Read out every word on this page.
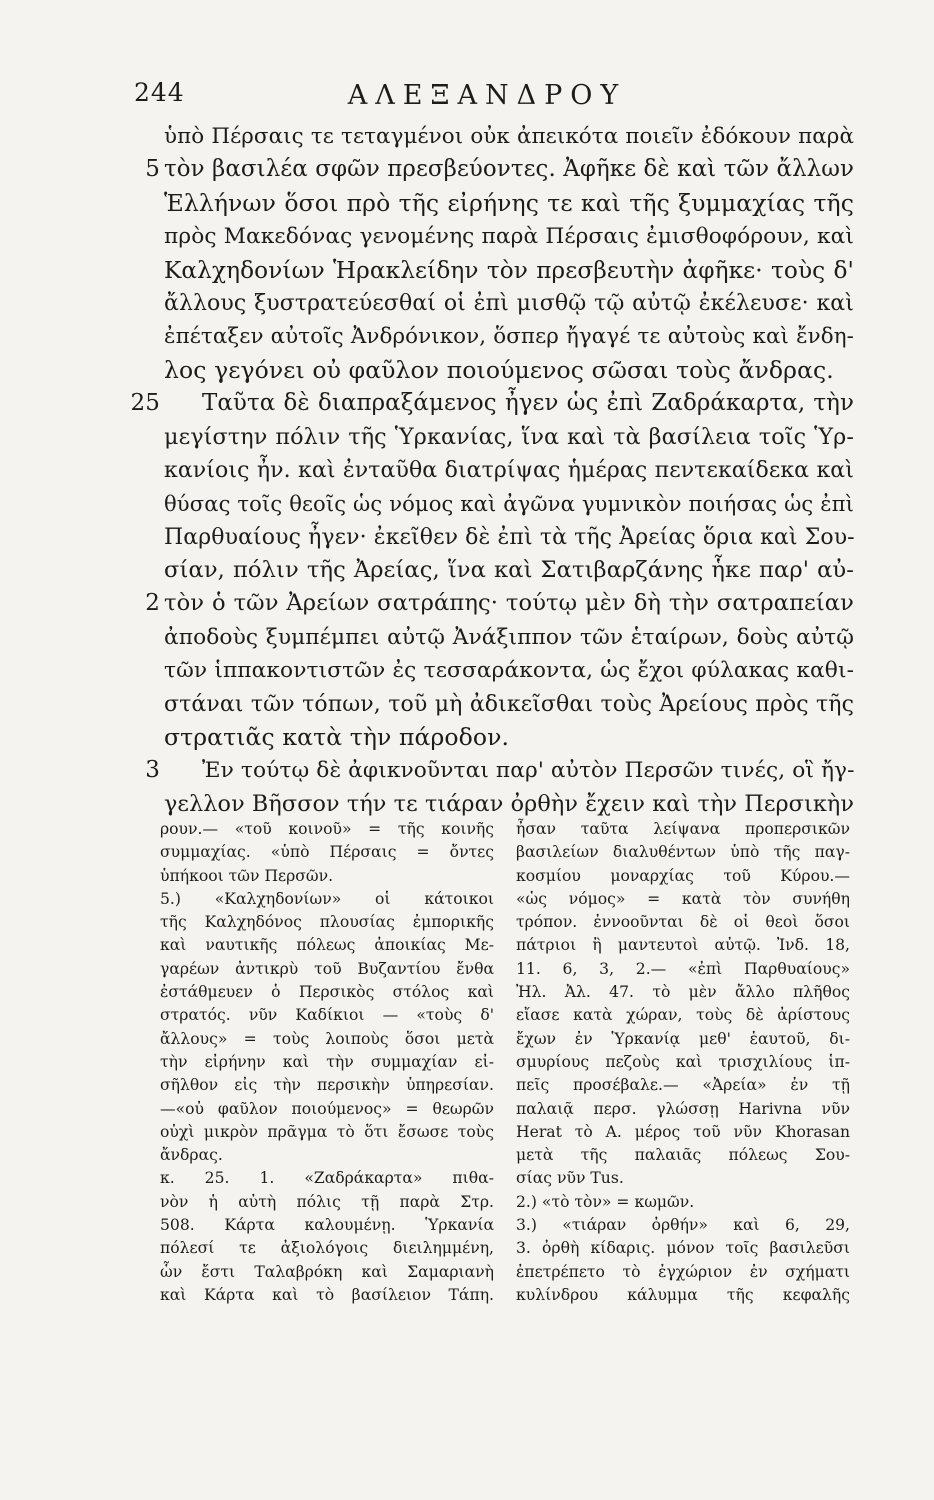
244	ΑΛΕΞΑΝΔΡΟΥ
ὑπὸ Πέρσαις τε τεταγμένοι οὐκ ἀπεικότα ποιεῖν ἐδόκουν παρὰ
5 τὸν βασιλέα σφῶν πρεσβεύοντες. Ἀφῆκε δὲ καὶ τῶν ἄλλων
Ἑλλήνων ὅσοι πρὸ τῆς εἰρήνης τε καὶ τῆς ξυμμαχίας τῆς
πρὸς Μακεδόνας γενομένης παρὰ Πέρσαις ἐμισθοφόρουν, καὶ
Καλχηδονίων Ἡρακλείδην τὸν πρεσβευτὴν ἀφῆκε· τοὺς δ'
ἄλλους ξυστρατεύεσθαί οἱ ἐπὶ μισθῷ τῷ αὐτῷ ἐκέλευσε· καὶ
ἐπέταξεν αὐτοῖς Ἀνδρόνικον, ὅσπερ ἤγαγέ τε αὐτοὺς καὶ ἔνδη-
λος γεγόνει οὐ φαῦλον ποιούμενος σῶσαι τοὺς ἄνδρας.
25 Ταῦτα δὲ διαπραξάμενος ἦγεν ὡς ἐπὶ Ζαδράκαρτα, τὴν
μεγίστην πόλιν τῆς Ὑρκανίας, ἵνα καὶ τὰ βασίλεια τοῖς Ὑρ-
κανίοις ἦν. καὶ ἐνταῦθα διατρίψας ἡμέρας πεντεκαίδεκα καὶ
θύσας τοῖς θεοῖς ὡς νόμος καὶ ἀγῶνα γυμνικὸν ποιήσας ὡς ἐπὶ
Παρθυαίους ἦγεν· ἐκεῖθεν δὲ ἐπὶ τὰ τῆς Ἀρείας ὅρια καὶ Σου-
σίαν, πόλιν τῆς Ἀρείας, ἵνα καὶ Σατιβαρζάνης ἧκε παρ' αὐ-
2 τὸν ὁ τῶν Ἀρείων σατράπης· τούτῳ μὲν δὴ τὴν σατραπείαν
ἀποδοὺς ξυμπέμπει αὐτῷ Ἀνάξιππον τῶν ἑταίρων, δοὺς αὐτῷ
τῶν ἱππακοντιστῶν ἐς τεσσαράκοντα, ὡς ἔχοι φύλακας καθι-
στάναι τῶν τόπων, τοῦ μὴ ἀδικεῖσθαι τοὺς Ἀρείους πρὸς τῆς
στρατιᾶς κατὰ τὴν πάροδον.
3 Ἐν τούτῳ δὲ ἀφικνοῦνται παρ' αὐτὸν Περσῶν τινές, οἳ ἤγ-
γελλον Βῆσσον τήν τε τιάραν ὀρθὴν ἔχειν καὶ τὴν Περσικὴν
ρουν.— «τοῦ κοινοῦ» = τῆς κοινῆς
συμμαχίας. «ὑπὸ Πέρσαις = ὄντες
ὑπήκοοι τῶν Περσῶν.
5.) «Καλχηδονίων» οἱ κάτοικοι
τῆς Καλχηδόνος πλουσίας ἐμπορικῆς
καὶ ναυτικῆς πόλεως ἀποικίας Με-
γαρέων ἀντικρὺ τοῦ Βυζαντίου ἔνθα
ἐστάθμευεν ὁ Περσικὸς στόλος καὶ
στρατός. νῦν Καδίκιοι — «τοὺς δ'
ἄλλους» = τοὺς λοιποὺς ὅσοι μετὰ
τὴν εἰρήνην καὶ τὴν συμμαχίαν εἰ-
σῆλθον εἰς τὴν περσικὴν ὑπηρεσίαν.
—«οὐ φαῦλον ποιούμενος» = θεωρῶν
οὐχὶ μικρὸν πρᾶγμα τὸ ὅτι ἔσωσε τοὺς
ἄνδρας.
κ. 25. 1. «Ζαδράκαρτα» πιθα-
νὸν ἡ αὐτὴ πόλις τῇ παρὰ Στρ.
508. Κάρτα καλουμένῃ. Ὑρκανία
πόλεσί τε ἀξιολόγοις διειλημμένη,
ὧν ἔστι Ταλαβρόκη καὶ Σαμαριανὴ
καὶ Κάρτα καὶ τὸ βασίλειον Τάπη.
ἦσαν ταῦτα λείψανα προπερσικῶν
βασιλείων διαλυθέντων ὑπὸ τῆς παγ-
κοσμίου μοναρχίας τοῦ Κύρου.—
«ὡς νόμος» = κατὰ τὸν συνήθη
τρόπον. ἐννοοῦνται δὲ οἱ θεοὶ ὅσοι
πάτριοι ἢ μαντευτοὶ αὐτῷ. Ἰνδ. 18,
11. 6, 3, 2.— «ἐπὶ Παρθυαίους»
Ἠλ. Ἀλ. 47. τὸ μὲν ἄλλο πλῆθος
εἴασε κατὰ χώραν, τοὺς δὲ ἀρίστους
ἔχων ἐν Ὑρκανίᾳ μεθ' ἑαυτοῦ, δι-
σμυρίους πεζοὺς καὶ τρισχιλίους ἱπ-
πεῖς προσέβαλε.— «Ἀρεία» ἐν τῇ
παλαιᾷ περσ. γλώσσῃ Harivna νῦν
Herat τὸ Α. μέρος τοῦ νῦν Khorasan
μετὰ τῆς παλαιᾶς πόλεως Σου-
σίας νῦν Tus.
2.) «τὸ τὸν» = κωμῶν.
3.) «τιάραν ὀρθήν» καὶ 6, 29,
3. ὀρθὴ κίδαρις. μόνον τοῖς βασιλεῦσι
ἐπετρέπετο τὸ ἐγχώριον ἐν σχήματι
κυλίνδρου κάλυμμα τῆς κεφαλῆς
